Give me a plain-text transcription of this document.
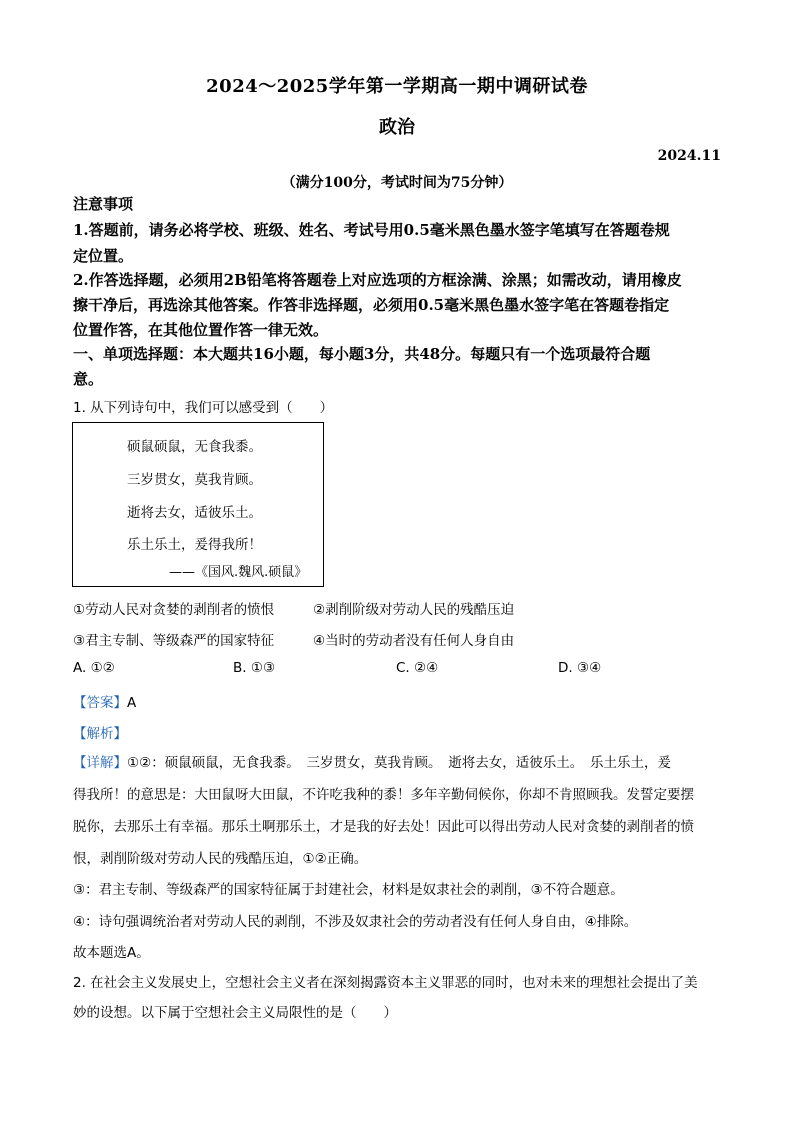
2024～2025学年第一学期高一期中调研试卷
政治
2024.11
（满分100分，考试时间为75分钟）
注意事项
1.答题前，请务必将学校、班级、姓名、考试号用0.5毫米黑色墨水签字笔填写在答题卷规
定位置。
2.作答选择题，必须用2B铅笔将答题卷上对应选项的方框涂满、涂黑；如需改动，请用橡皮
擦干净后，再选涂其他答案。作答非选择题，必须用0.5毫米黑色墨水签字笔在答题卷指定
位置作答，在其他位置作答一律无效。
一、单项选择题：本大题共16小题，每小题3分，共48分。每题只有一个选项最符合题
意。
1. 从下列诗句中，我们可以感受到（　　）
硕鼠硕鼠，无食我黍。
三岁贯女，莫我肯顾。
逝将去女，适彼乐土。
乐土乐土，爰得我所！
——《国风.魏风.硕鼠》
①劳动人民对贪婪的剥削者的愤恨	②剥削阶级对劳动人民的残酷压迫
③君主专制、等级森严的国家特征	④当时的劳动者没有任何人身自由
A. ①②	B. ①③	C. ②④	D. ③④
【答案】A
【解析】
【详解】①②：硕鼠硕鼠，无食我黍。　三岁贯女，莫我肯顾。　逝将去女，适彼乐土。　乐土乐土，爰
得我所！的意思是：大田鼠呀大田鼠，不许吃我种的黍！多年辛勤伺候你，你却不肯照顾我。发誓定要摆
脱你，去那乐土有幸福。那乐土啊那乐土，才是我的好去处！因此可以得出劳动人民对贪婪的剥削者的愤
恨，剥削阶级对劳动人民的残酷压迫，①②正确。
③：君主专制、等级森严的国家特征属于封建社会，材料是奴隶社会的剥削，③不符合题意。
④：诗句强调统治者对劳动人民的剥削，不涉及奴隶社会的劳动者没有任何人身自由，④排除。
故本题选A。
2. 在社会主义发展史上，空想社会主义者在深刻揭露资本主义罪恶的同时，也对未来的理想社会提出了美
妙的设想。以下属于空想社会主义局限性的是（　　）
